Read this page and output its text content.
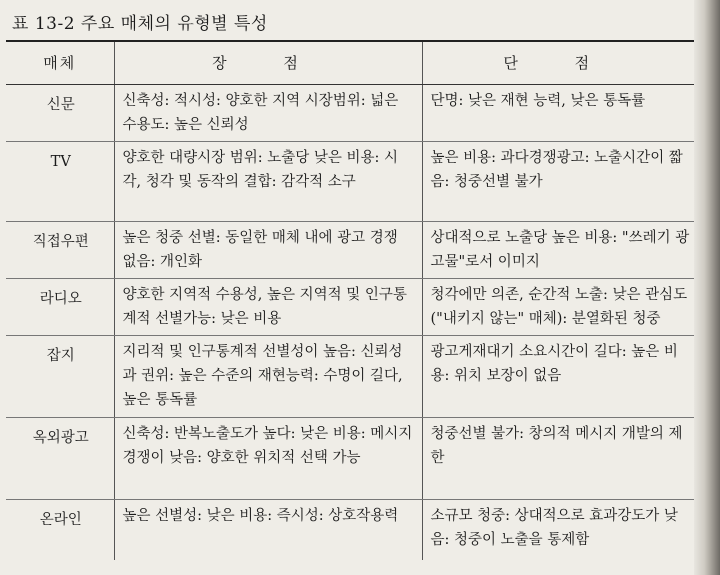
표 13-2 주요 매체의 유형별 특성
매체	장 점	단 점
신문	신축성: 적시성: 양호한 지역 시장범위: 넓은 수용도: 높은 신뢰성	단명: 낮은 재현 능력, 낮은 통독률
TV	양호한 대량시장 범위: 노출당 낮은 비용: 시각, 청각 및 동작의 결합: 감각적 소구	높은 비용: 과다경쟁광고: 노출시간이 짧음: 청중선별 불가
직접우편	높은 청중 선별: 동일한 매체 내에 광고 경쟁 없음: 개인화	상대적으로 노출당 높은 비용: "쓰레기 광고물"로서 이미지
라디오	양호한 지역적 수용성, 높은 지역적 및 인구통계적 선별가능: 낮은 비용	청각에만 의존, 순간적 노출: 낮은 관심도("내키지 않는" 매체): 분열화된 청중
잡지	지리적 및 인구통계적 선별성이 높음: 신뢰성과 권위: 높은 수준의 재현능력: 수명이 길다, 높은 통독률	광고게재대기 소요시간이 길다: 높은 비용: 위치 보장이 없음
옥외광고	신축성: 반복노출도가 높다: 낮은 비용: 메시지 경쟁이 낮음: 양호한 위치적 선택 가능	청중선별 불가: 창의적 메시지 개발의 제한
온라인	높은 선별성: 낮은 비용: 즉시성: 상호작용력	소규모 청중: 상대적으로 효과강도가 낮음: 청중이 노출을 통제함
